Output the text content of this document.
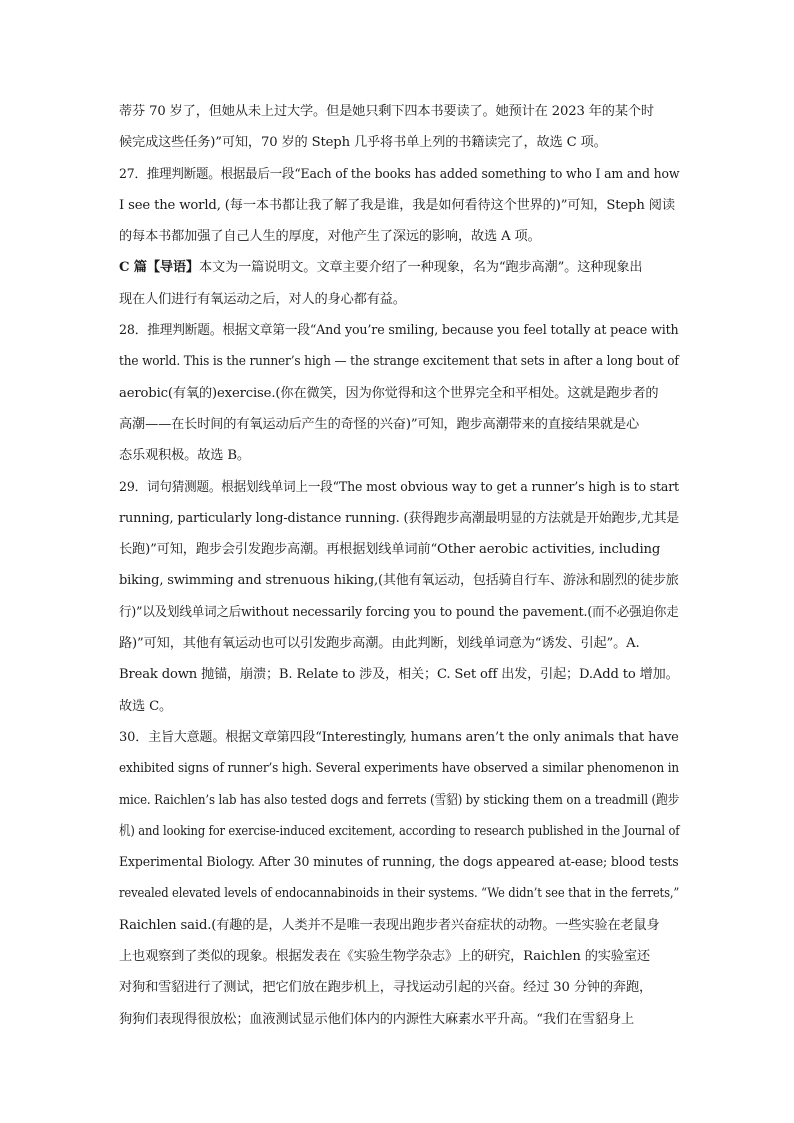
蒂芬 70 岁了，但她从未上过大学。但是她只剩下四本书要读了。她预计在 2023 年的某个时
候完成这些任务)”可知，70 岁的 Steph 几乎将书单上列的书籍读完了，故选 C 项。
27．推理判断题。根据最后一段“Each of the books has added something to who I am and how
I see the world, (每一本书都让我了解了我是谁，我是如何看待这个世界的)”可知，Steph 阅读
的每本书都加强了自己人生的厚度，对他产生了深远的影响，故选 A 项。
C 篇【导语】本文为一篇说明文。文章主要介绍了一种现象，名为“跑步高潮”。这种现象出
现在人们进行有氧运动之后，对人的身心都有益。
28．推理判断题。根据文章第一段“And you’re smiling, because you feel totally at peace with
the world. This is the runner’s high — the strange excitement that sets in after a long bout of
aerobic(有氧的)exercise.(你在微笑，因为你觉得和这个世界完全和平相处。这就是跑步者的
高潮——在长时间的有氧运动后产生的奇怪的兴奋)”可知，跑步高潮带来的直接结果就是心
态乐观积极。故选 B。
29．词句猜测题。根据划线单词上一段“The most obvious way to get a runner’s high is to start
running, particularly long-distance running. (获得跑步高潮最明显的方法就是开始跑步,尤其是
长跑)”可知，跑步会引发跑步高潮。再根据划线单词前“Other aerobic activities, including
biking, swimming and strenuous hiking,(其他有氧运动，包括骑自行车、游泳和剧烈的徒步旅
行)”以及划线单词之后without necessarily forcing you to pound the pavement.(而不必强迫你走
路)”可知，其他有氧运动也可以引发跑步高潮。由此判断，划线单词意为“诱发、引起”。A.
Break down 抛锚，崩溃；B. Relate to 涉及，相关；C. Set off 出发，引起；D.Add to 增加。
故选 C。
30．主旨大意题。根据文章第四段“Interestingly, humans aren’t the only animals that have
exhibited signs of runner’s high. Several experiments have observed a similar phenomenon in
mice. Raichlen’s lab has also tested dogs and ferrets (雪貂) by sticking them on a treadmill (跑步
机) and looking for exercise-induced excitement, according to research published in the Journal of
Experimental Biology. After 30 minutes of running, the dogs appeared at-ease; blood tests
revealed elevated levels of endocannabinoids in their systems. “We didn’t see that in the ferrets,”
Raichlen said.(有趣的是，人类并不是唯一表现出跑步者兴奋症状的动物。一些实验在老鼠身
上也观察到了类似的现象。根据发表在《实验生物学杂志》上的研究，Raichlen 的实验室还
对狗和雪貂进行了测试，把它们放在跑步机上，寻找运动引起的兴奋。经过 30 分钟的奔跑，
狗狗们表现得很放松；血液测试显示他们体内的内源性大麻素水平升高。“我们在雪貂身上
